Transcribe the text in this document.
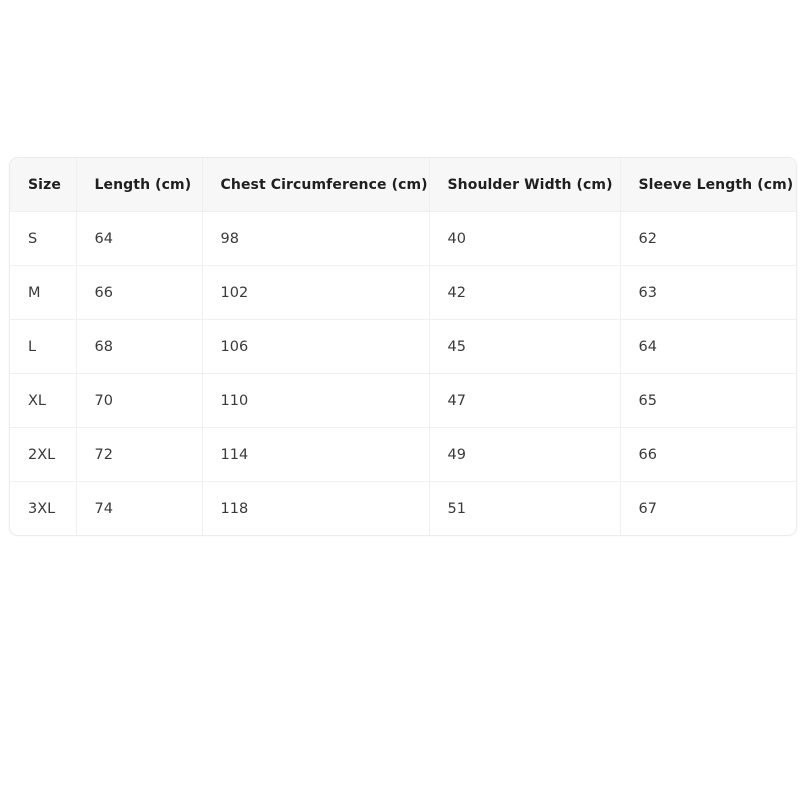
Size	Length (cm)	Chest Circumference (cm)	Shoulder Width (cm)	Sleeve Length (cm)
S	64	98	40	62
M	66	102	42	63
L	68	106	45	64
XL	70	110	47	65
2XL	72	114	49	66
3XL	74	118	51	67
